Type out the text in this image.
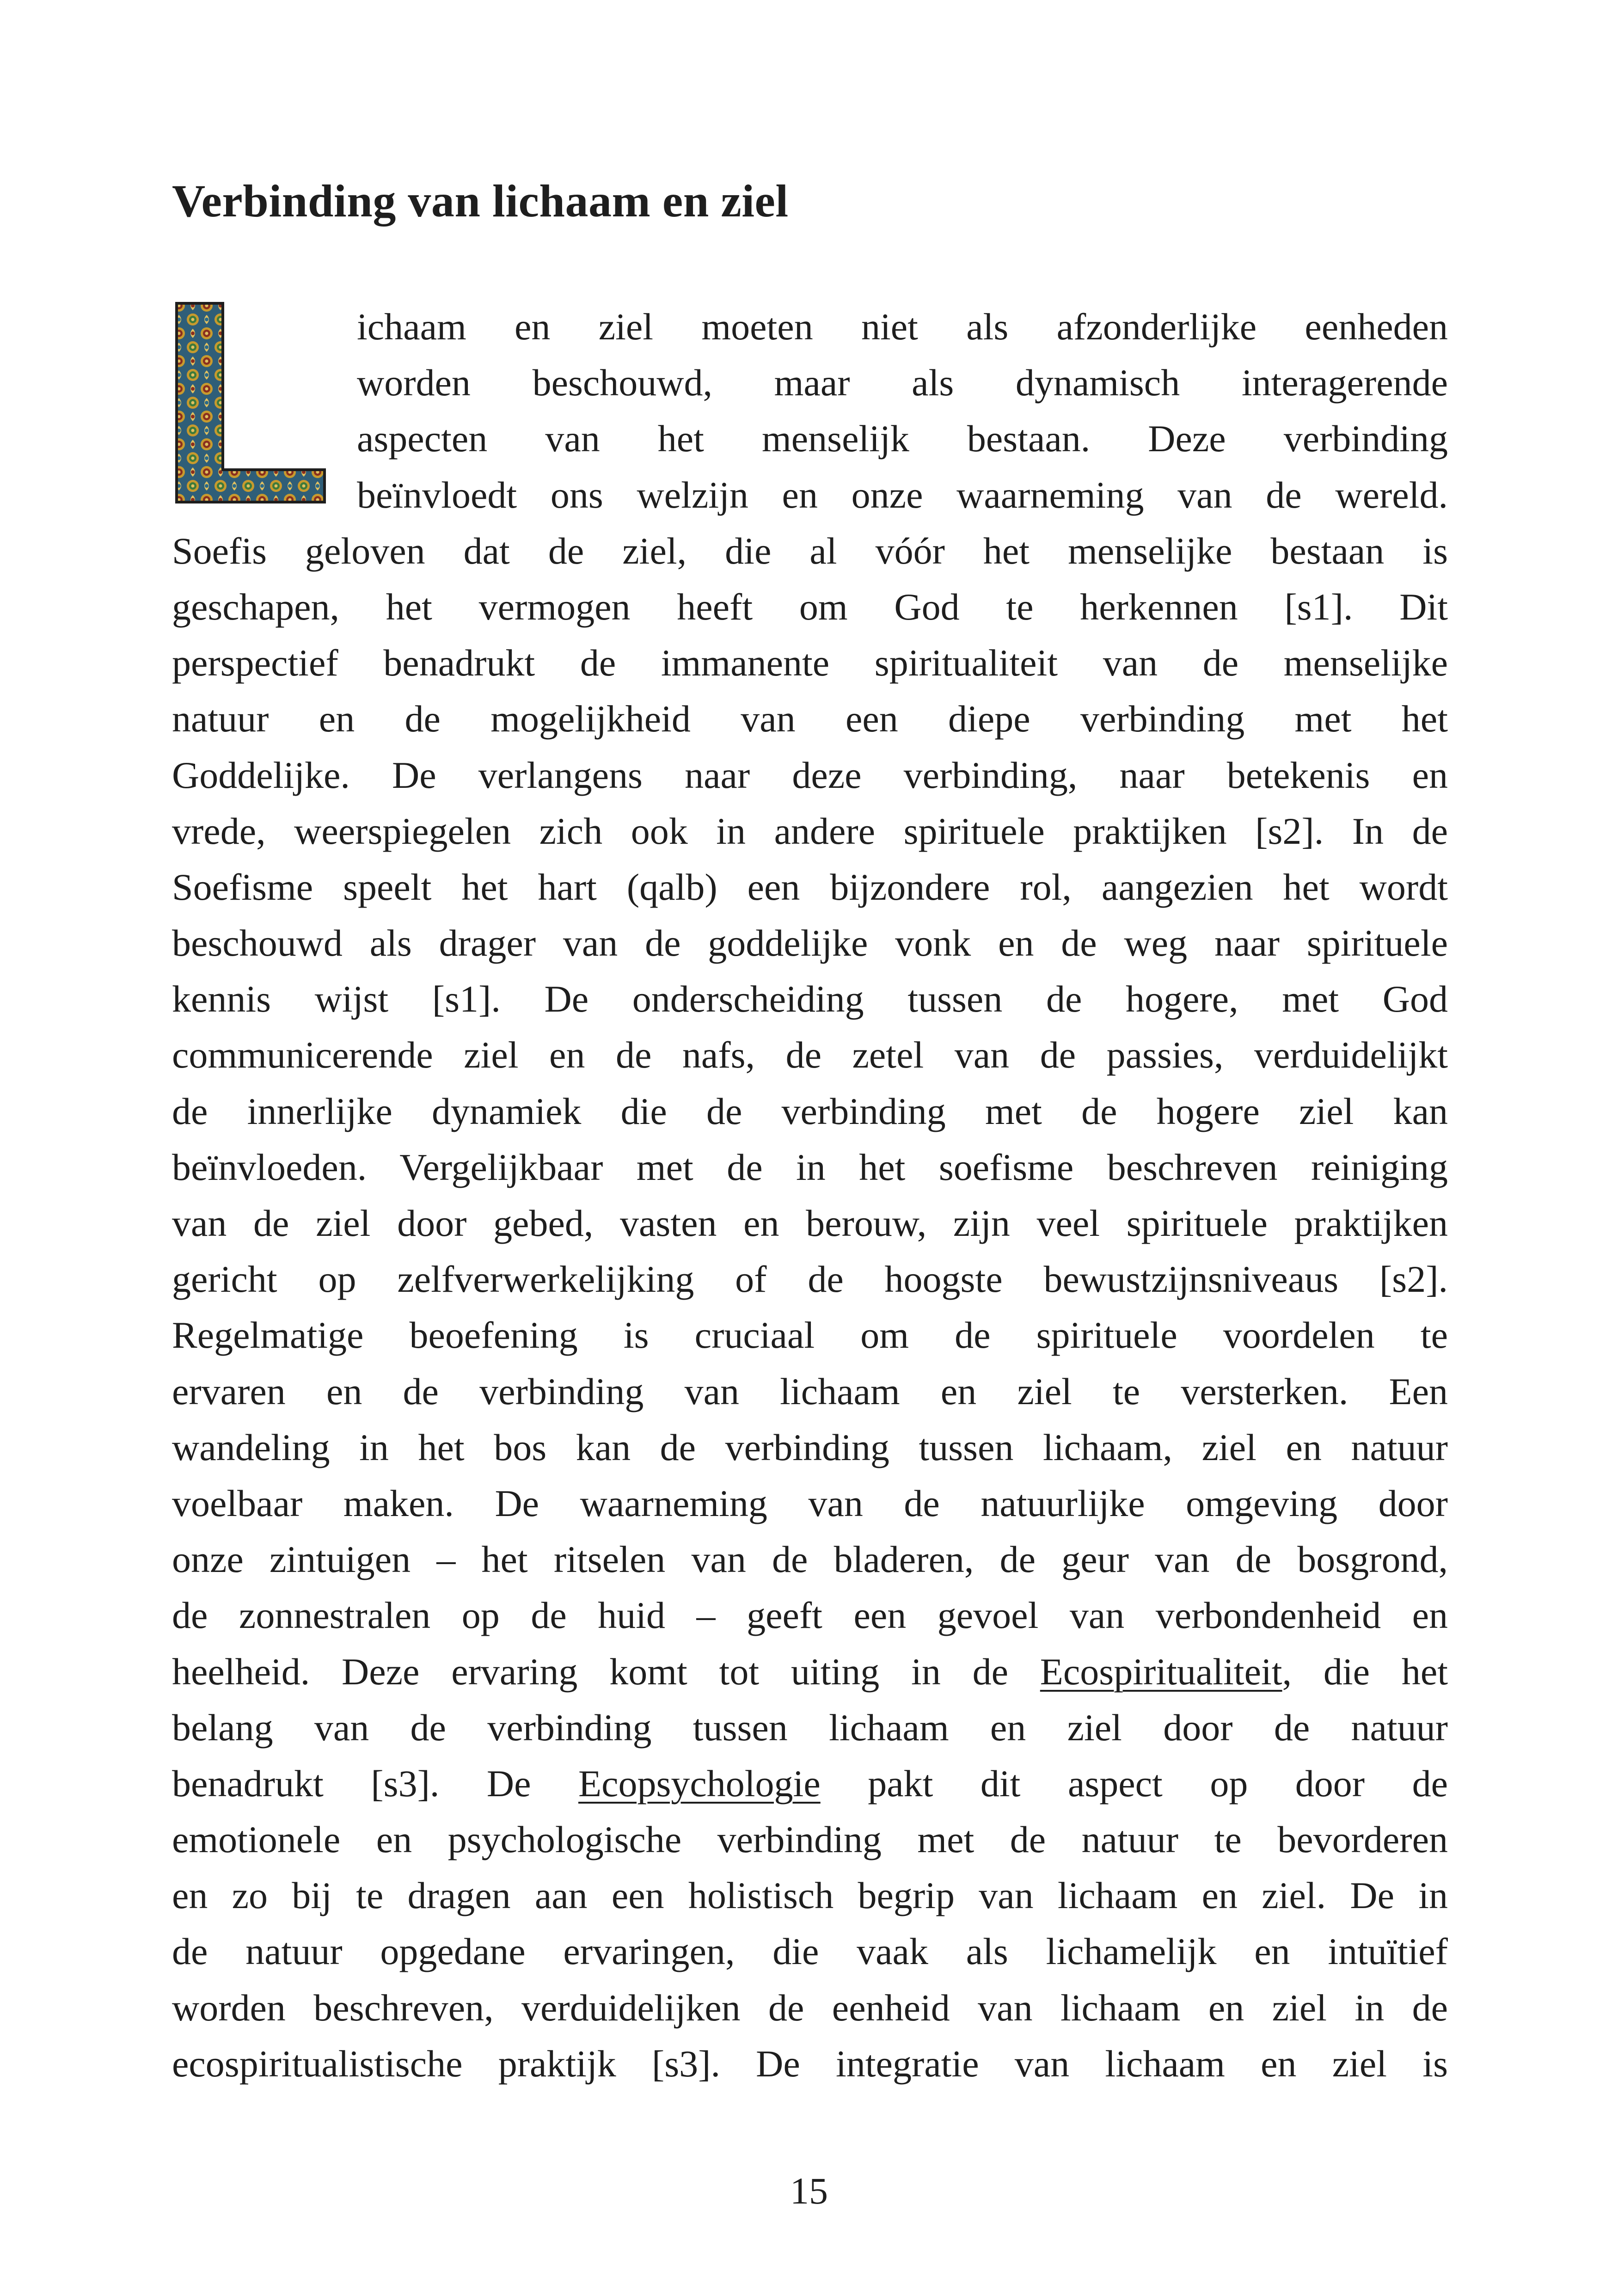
Verbinding van lichaam en ziel
ichaam en ziel moeten niet als afzonderlijke eenheden
worden beschouwd, maar als dynamisch interagerende
aspecten van het menselijk bestaan. Deze verbinding
beïnvloedt ons welzijn en onze waarneming van de wereld.
Soefis geloven dat de ziel, die al vóór het menselijke bestaan is
geschapen, het vermogen heeft om God te herkennen [s1]. Dit
perspectief benadrukt de immanente spiritualiteit van de menselijke
natuur en de mogelijkheid van een diepe verbinding met het
Goddelijke. De verlangens naar deze verbinding, naar betekenis en
vrede, weerspiegelen zich ook in andere spirituele praktijken [s2]. In de
Soefisme speelt het hart (qalb) een bijzondere rol, aangezien het wordt
beschouwd als drager van de goddelijke vonk en de weg naar spirituele
kennis wijst [s1]. De onderscheiding tussen de hogere, met God
communicerende ziel en de nafs, de zetel van de passies, verduidelijkt
de innerlijke dynamiek die de verbinding met de hogere ziel kan
beïnvloeden. Vergelijkbaar met de in het soefisme beschreven reiniging
van de ziel door gebed, vasten en berouw, zijn veel spirituele praktijken
gericht op zelfverwerkelijking of de hoogste bewustzijnsniveaus [s2].
Regelmatige beoefening is cruciaal om de spirituele voordelen te
ervaren en de verbinding van lichaam en ziel te versterken. Een
wandeling in het bos kan de verbinding tussen lichaam, ziel en natuur
voelbaar maken. De waarneming van de natuurlijke omgeving door
onze zintuigen – het ritselen van de bladeren, de geur van de bosgrond,
de zonnestralen op de huid – geeft een gevoel van verbondenheid en
heelheid. Deze ervaring komt tot uiting in de Ecospiritualiteit, die het
belang van de verbinding tussen lichaam en ziel door de natuur
benadrukt [s3]. De Ecopsychologie pakt dit aspect op door de
emotionele en psychologische verbinding met de natuur te bevorderen
en zo bij te dragen aan een holistisch begrip van lichaam en ziel. De in
de natuur opgedane ervaringen, die vaak als lichamelijk en intuïtief
worden beschreven, verduidelijken de eenheid van lichaam en ziel in de
ecospiritualistische praktijk [s3]. De integratie van lichaam en ziel is
15
